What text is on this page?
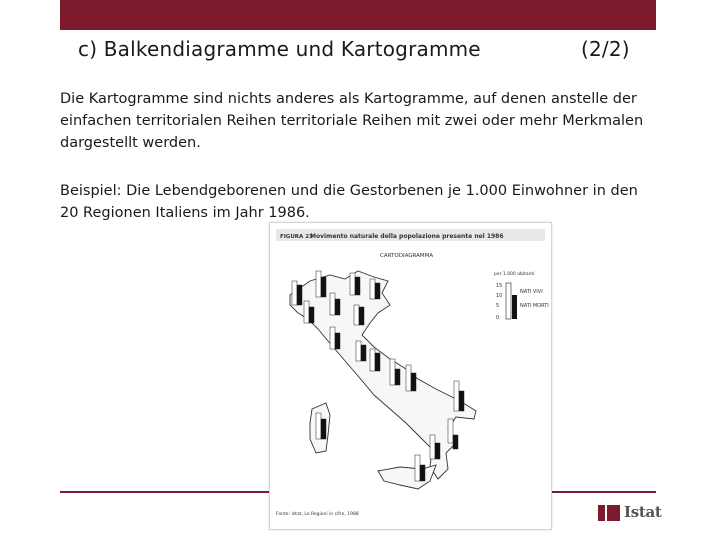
c) Balkendiagramme und Kartogramme	(2/2)
Die Kartogramme sind nichts anderes als Kartogramme, auf denen anstelle der einfachen territorialen Reihen territoriale Reihen mit zwei oder mehr Merkmalen dargestellt werden.
Beispiel: Die Lebendgeborenen und die Gestorbenen je 1.000 Einwohner in den 20 Regionen Italiens im Jahr 1986.
FIGURA 23
Movimento naturale della popolazione presente nel 1986
CARTODIAGRAMMA
per 1.000 abitanti
15
10
5
0
NATI VIVI
NATI MORTI
Fonte: Istat, Le Regioni in cifre, 1988	Istat
